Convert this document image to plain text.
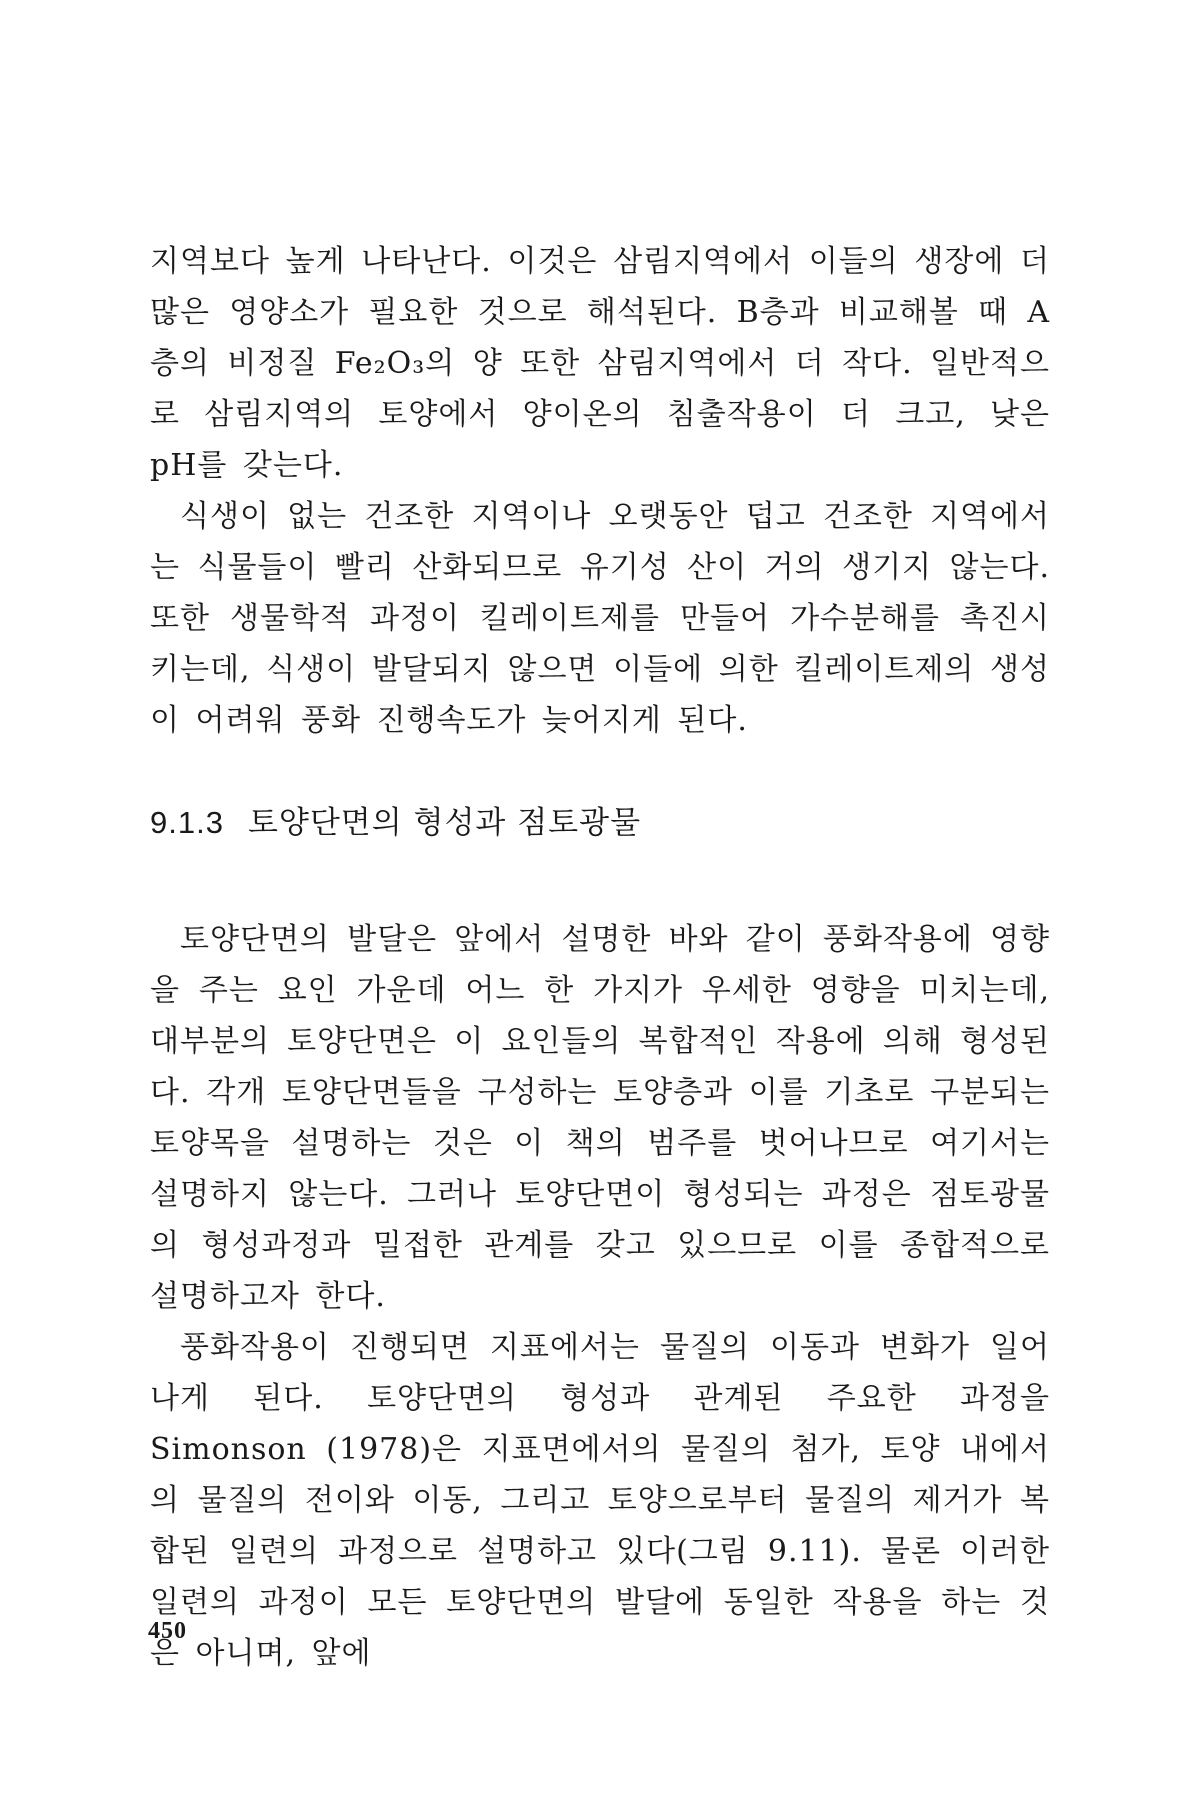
지역보다 높게 나타난다. 이것은 삼림지역에서 이들의 생장에 더 많은 영양소가 필요한 것으로 해석된다. B층과 비교해볼 때 A층의 비정질 Fe₂O₃의 양 또한 삼림지역에서 더 작다. 일반적으로 삼림지역의 토양에서 양이온의 침출작용이 더 크고, 낮은 pH를 갖는다.

식생이 없는 건조한 지역이나 오랫동안 덥고 건조한 지역에서는 식물들이 빨리 산화되므로 유기성 산이 거의 생기지 않는다. 또한 생물학적 과정이 킬레이트제를 만들어 가수분해를 촉진시키는데, 식생이 발달되지 않으면 이들에 의한 킬레이트제의 생성이 어려워 풍화 진행속도가 늦어지게 된다.

9.1.3 토양단면의 형성과 점토광물

토양단면의 발달은 앞에서 설명한 바와 같이 풍화작용에 영향을 주는 요인 가운데 어느 한 가지가 우세한 영향을 미치는데, 대부분의 토양단면은 이 요인들의 복합적인 작용에 의해 형성된다. 각개 토양단면들을 구성하는 토양층과 이를 기초로 구분되는 토양목을 설명하는 것은 이 책의 범주를 벗어나므로 여기서는 설명하지 않는다. 그러나 토양단면이 형성되는 과정은 점토광물의 형성과정과 밀접한 관계를 갖고 있으므로 이를 종합적으로 설명하고자 한다.

풍화작용이 진행되면 지표에서는 물질의 이동과 변화가 일어나게 된다. 토양단면의 형성과 관계된 주요한 과정을 Simonson (1978)은 지표면에서의 물질의 첨가, 토양 내에서의 물질의 전이와 이동, 그리고 토양으로부터 물질의 제거가 복합된 일련의 과정으로 설명하고 있다(그림 9.11). 물론 이러한 일련의 과정이 모든 토양단면의 발달에 동일한 작용을 하는 것은 아니며, 앞에

450
